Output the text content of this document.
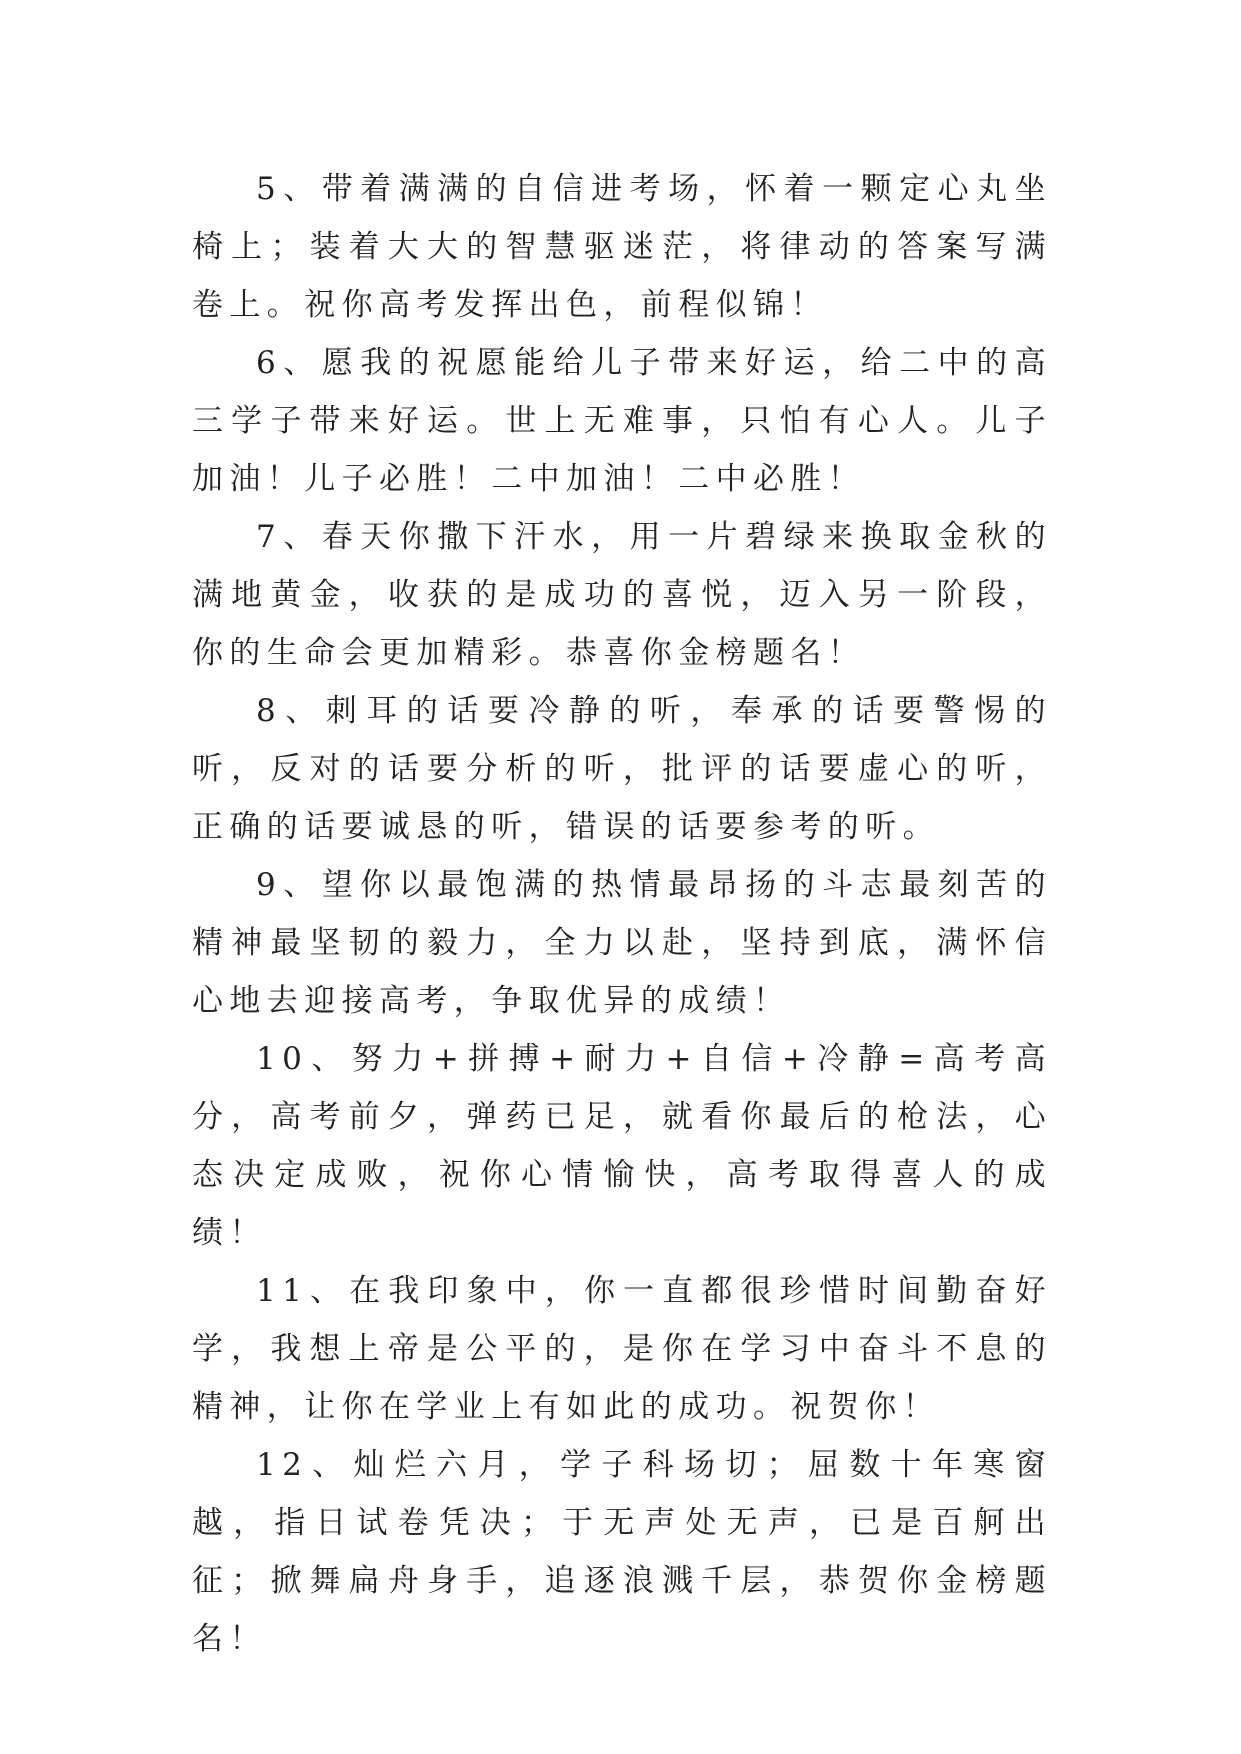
5、带着满满的自信进考场，怀着一颗定心丸坐椅上；装着大大的智慧驱迷茫，将律动的答案写满卷上。祝你高考发挥出色，前程似锦！

6、愿我的祝愿能给儿子带来好运，给二中的高三学子带来好运。世上无难事，只怕有心人。儿子加油！儿子必胜！二中加油！二中必胜！

7、春天你撒下汗水，用一片碧绿来换取金秋的满地黄金，收获的是成功的喜悦，迈入另一阶段，你的生命会更加精彩。恭喜你金榜题名！

8、刺耳的话要冷静的听，奉承的话要警惕的听，反对的话要分析的听，批评的话要虚心的听，正确的话要诚恳的听，错误的话要参考的听。

9、望你以最饱满的热情最昂扬的斗志最刻苦的精神最坚韧的毅力，全力以赴，坚持到底，满怀信心地去迎接高考，争取优异的成绩！

10、努力+拼搏+耐力+自信+冷静=高考高分，高考前夕，弹药已足，就看你最后的枪法，心态决定成败，祝你心情愉快，高考取得喜人的成绩！

11、在我印象中，你一直都很珍惜时间勤奋好学，我想上帝是公平的，是你在学习中奋斗不息的精神，让你在学业上有如此的成功。祝贺你！

12、灿烂六月，学子科场切；屈数十年寒窗越，指日试卷凭决；于无声处无声，已是百舸出征；掀舞扁舟身手，追逐浪溅千层，恭贺你金榜题名！
